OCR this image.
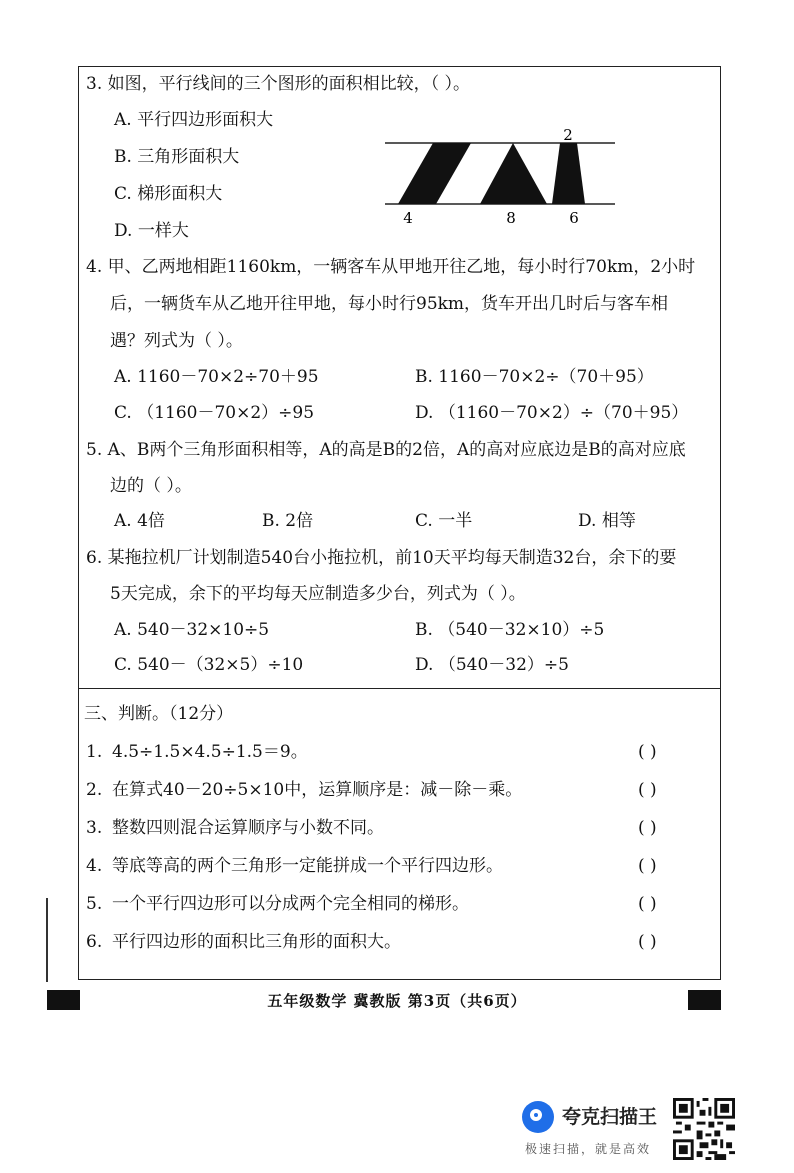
3. 如图，平行线间的三个图形的面积相比较，（ ）。
A. 平行四边形面积大
B. 三角形面积大
C. 梯形面积大
D. 一样大
2
4	8	6
4. 甲、乙两地相距1160km，一辆客车从甲地开往乙地，每小时行70km，2小时
后，一辆货车从乙地开往甲地，每小时行95km，货车开出几时后与客车相
遇？列式为（ ）。
A. 1160－70×2÷70＋95	B. 1160－70×2÷（70＋95）
C. （1160－70×2）÷95	D. （1160－70×2）÷（70＋95）
5. A、B两个三角形面积相等，A的高是B的2倍，A的高对应底边是B的高对应底
边的（ ）。
A. 4倍	B. 2倍	C. 一半	D. 相等
6. 某拖拉机厂计划制造540台小拖拉机，前10天平均每天制造32台，余下的要
5天完成，余下的平均每天应制造多少台，列式为（ ）。
A. 540－32×10÷5	B. （540－32×10）÷5
C. 540－（32×5）÷10	D. （540－32）÷5
三、判断。（12分）
1. 4.5÷1.5×4.5÷1.5＝9。	( )
2. 在算式40－20÷5×10中，运算顺序是：减－除－乘。	( )
3. 整数四则混合运算顺序与小数不同。	( )
4. 等底等高的两个三角形一定能拼成一个平行四边形。	( )
5. 一个平行四边形可以分成两个完全相同的梯形。	( )
6. 平行四边形的面积比三角形的面积大。	( )
五年级数学 冀教版 第3页（共6页）
夸克扫描王
极速扫描，就是高效
